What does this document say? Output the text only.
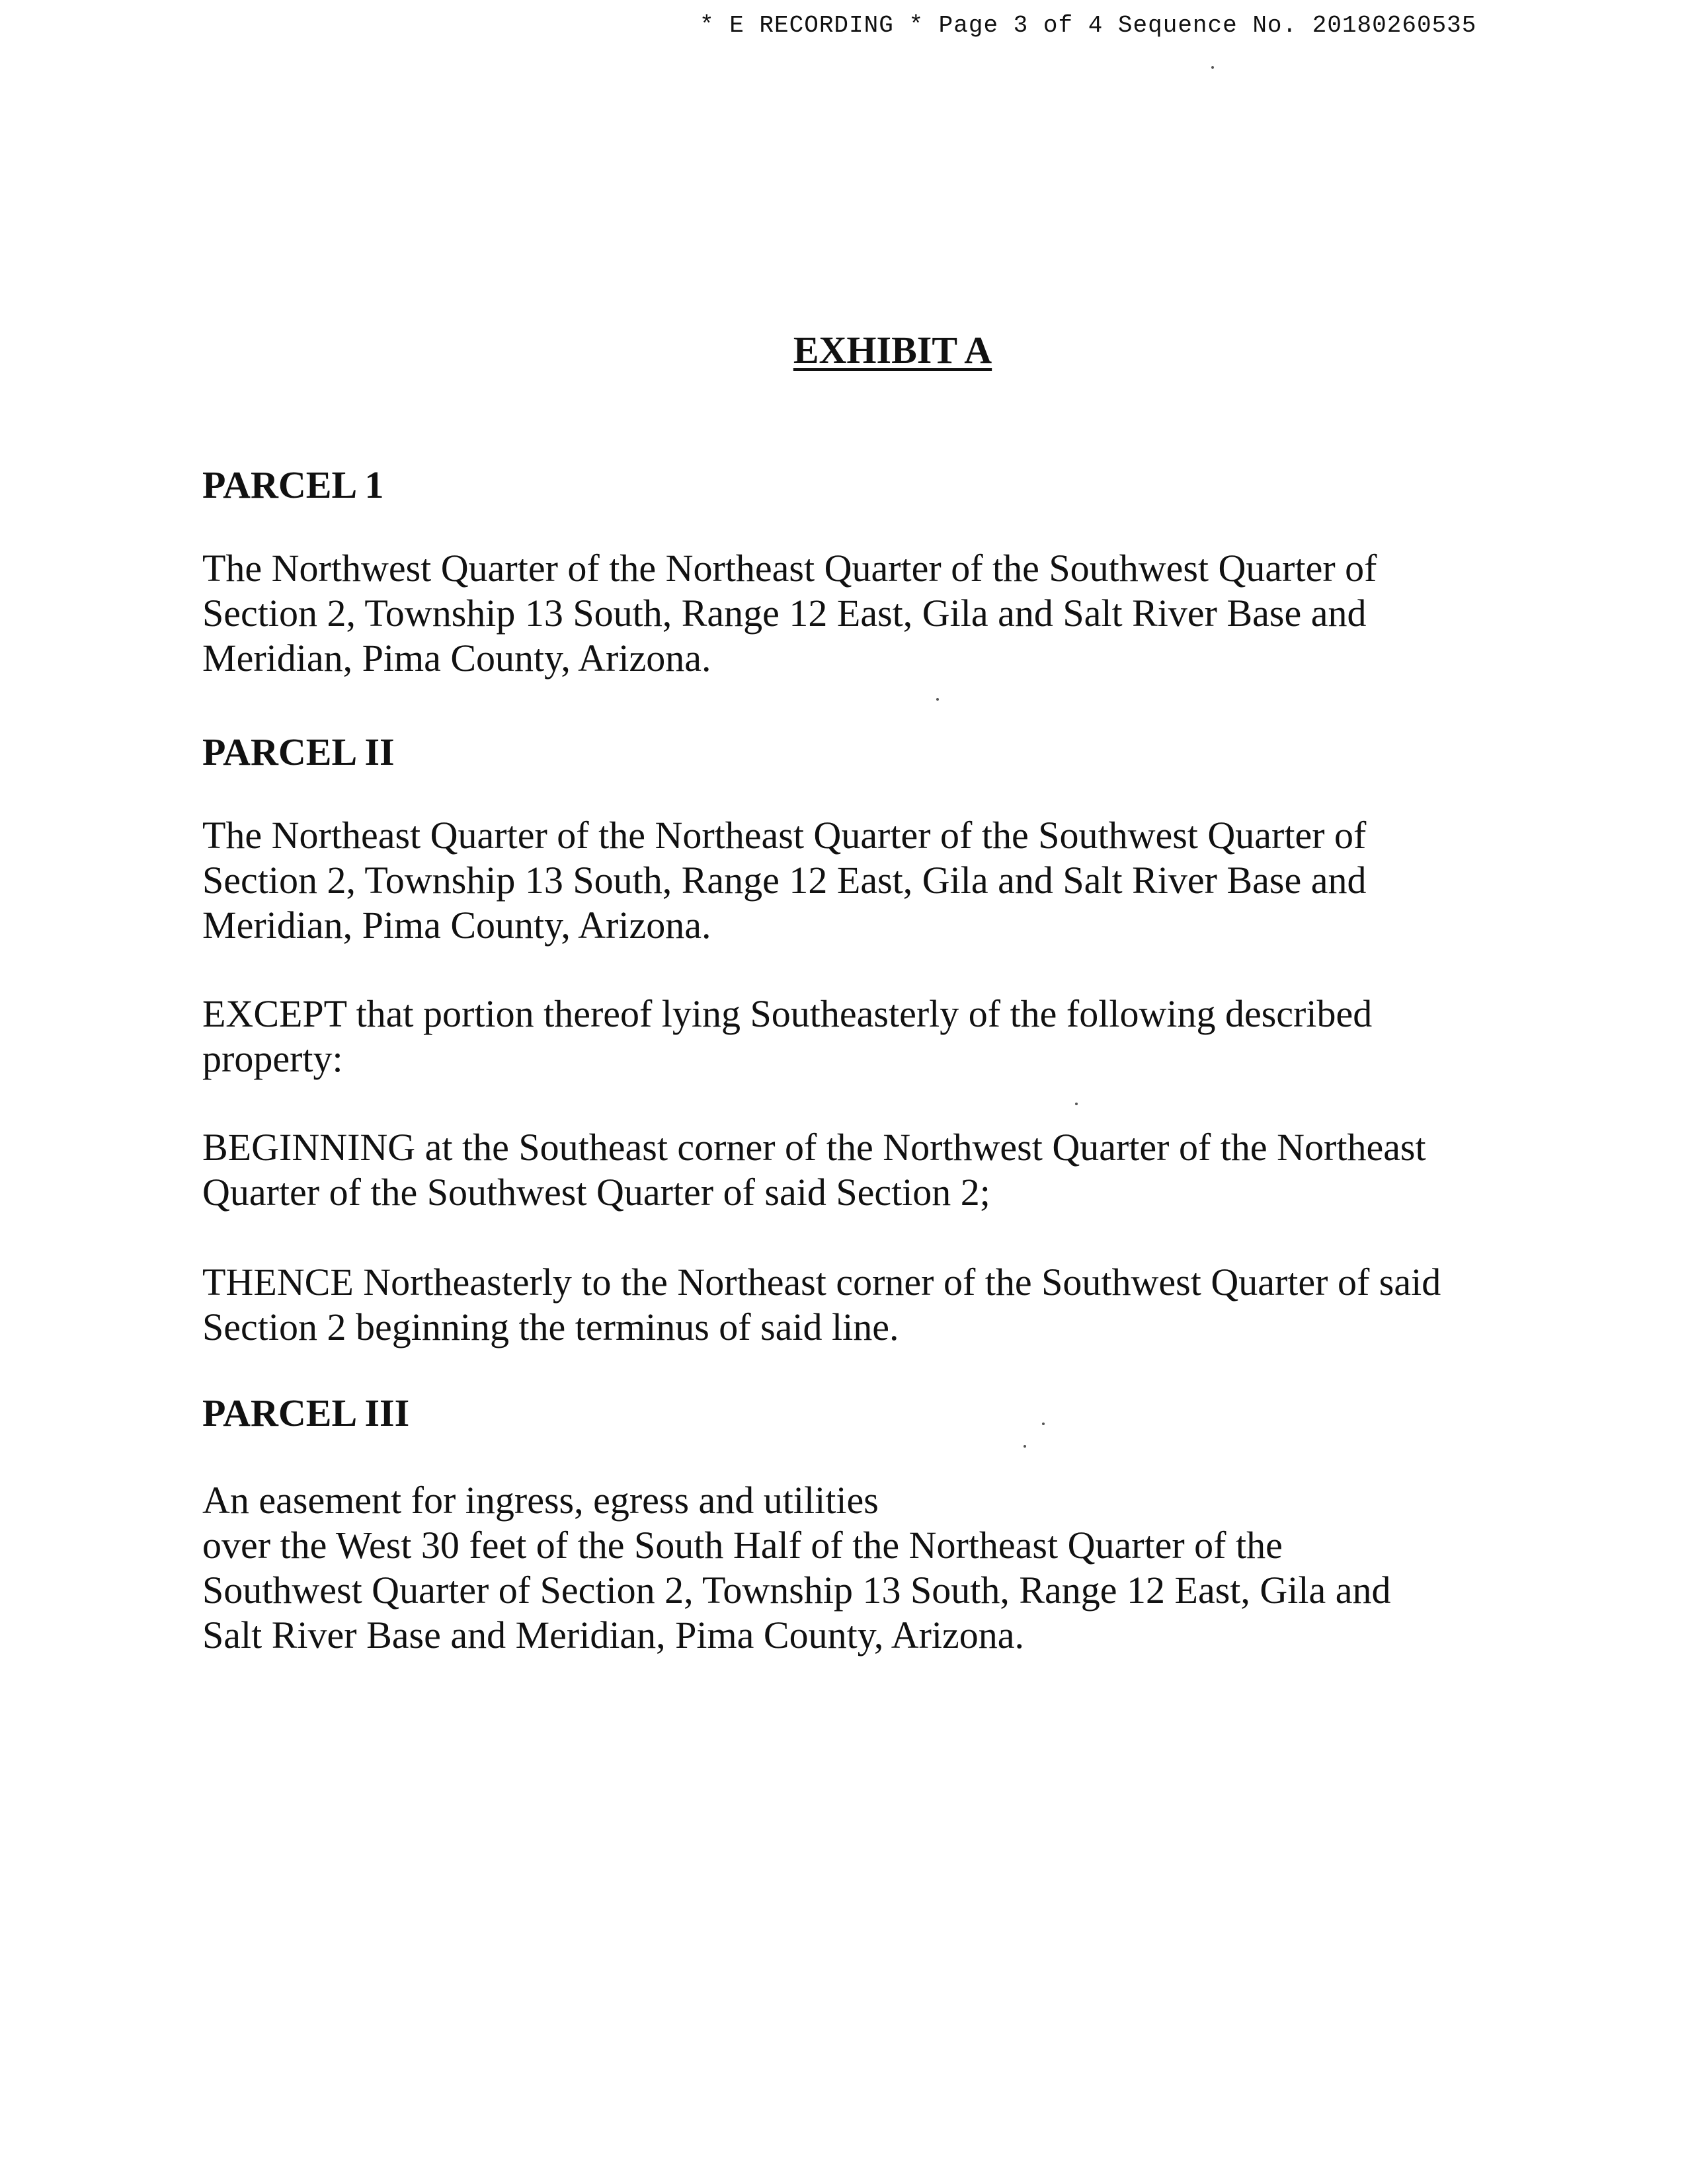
* E RECORDING * Page 3 of 4 Sequence No. 20180260535
EXHIBIT A
PARCEL 1
The Northwest Quarter of the Northeast Quarter of the Southwest Quarter of
Section 2, Township 13 South, Range 12 East, Gila and Salt River Base and
Meridian, Pima County, Arizona.
PARCEL II
The Northeast Quarter of the Northeast Quarter of the Southwest Quarter of
Section 2, Township 13 South, Range 12 East, Gila and Salt River Base and
Meridian, Pima County, Arizona.
EXCEPT that portion thereof lying Southeasterly of the following described
property:
BEGINNING at the Southeast corner of the Northwest Quarter of the Northeast
Quarter of the Southwest Quarter of said Section 2;
THENCE Northeasterly to the Northeast corner of the Southwest Quarter of said
Section 2 beginning the terminus of said line.
PARCEL III
An easement for ingress, egress and utilities
over the West 30 feet of the South Half of the Northeast Quarter of the
Southwest Quarter of Section 2, Township 13 South, Range 12 East, Gila and
Salt River Base and Meridian, Pima County, Arizona.
